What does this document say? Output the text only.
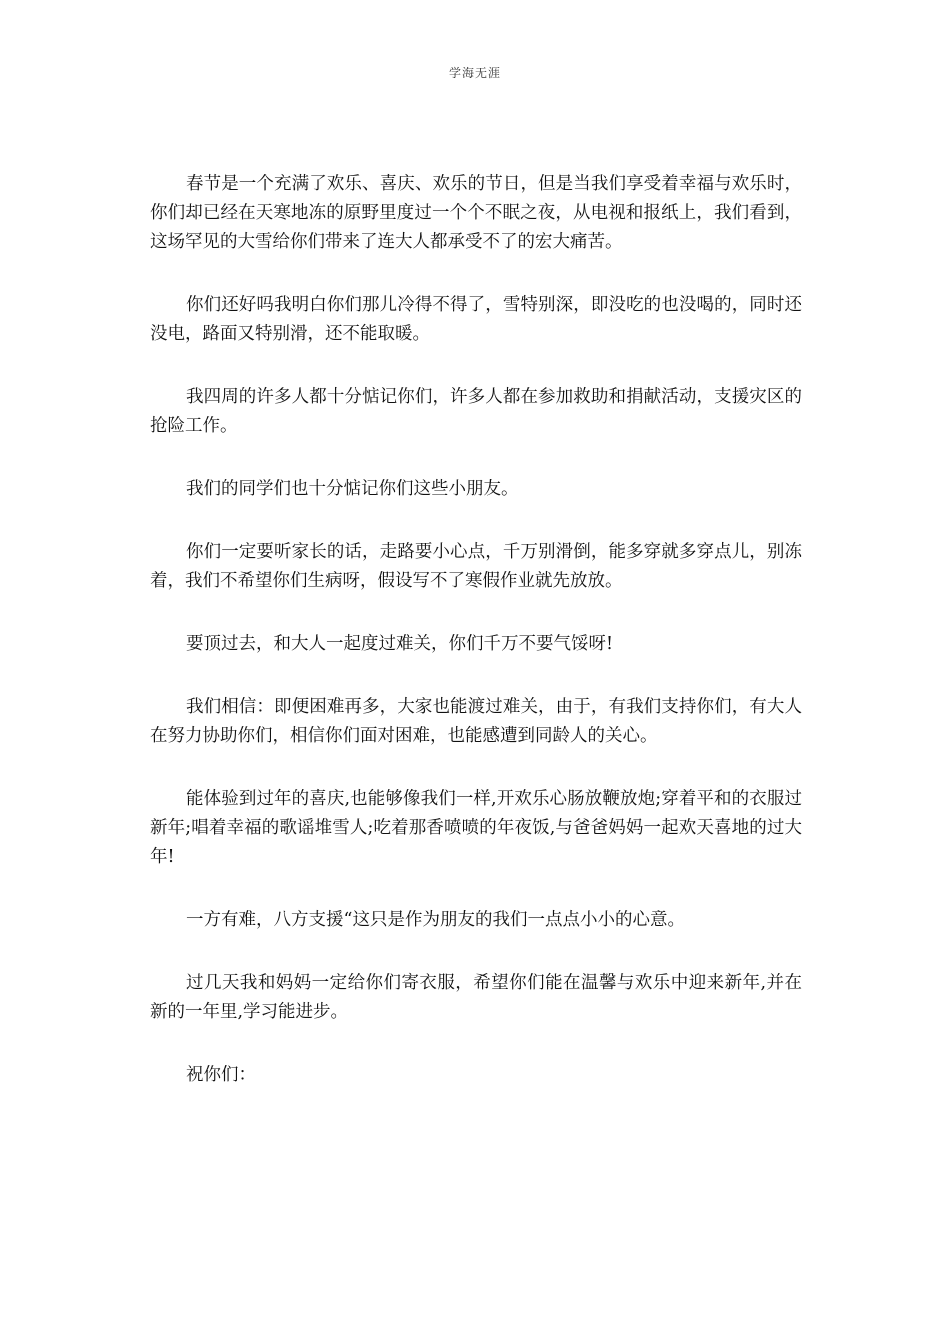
学海无涯

春节是一个充满了欢乐、喜庆、欢乐的节日，但是当我们享受着幸福与欢乐时，你们却已经在天寒地冻的原野里度过一个个不眠之夜，从电视和报纸上，我们看到，这场罕见的大雪给你们带来了连大人都承受不了的宏大痛苦。

你们还好吗我明白你们那儿冷得不得了，雪特别深，即没吃的也没喝的，同时还没电，路面又特别滑，还不能取暖。

我四周的许多人都十分惦记你们，许多人都在参加救助和捐献活动，支援灾区的抢险工作。

我们的同学们也十分惦记你们这些小朋友。

你们一定要听家长的话，走路要小心点，千万别滑倒，能多穿就多穿点儿，别冻着，我们不希望你们生病呀，假设写不了寒假作业就先放放。

要顶过去，和大人一起度过难关，你们千万不要气馁呀!

我们相信：即便困难再多，大家也能渡过难关，由于，有我们支持你们，有大人在努力协助你们，相信你们面对困难，也能感遭到同龄人的关心。

能体验到过年的喜庆,也能够像我们一样,开欢乐心肠放鞭放炮;穿着平和的衣服过新年;唱着幸福的歌谣堆雪人;吃着那香喷喷的年夜饭,与爸爸妈妈一起欢天喜地的过大年!

一方有难，八方支援“这只是作为朋友的我们一点点小小的心意。

过几天我和妈妈一定给你们寄衣服，希望你们能在温馨与欢乐中迎来新年,并在新的一年里,学习能进步。

祝你们：
